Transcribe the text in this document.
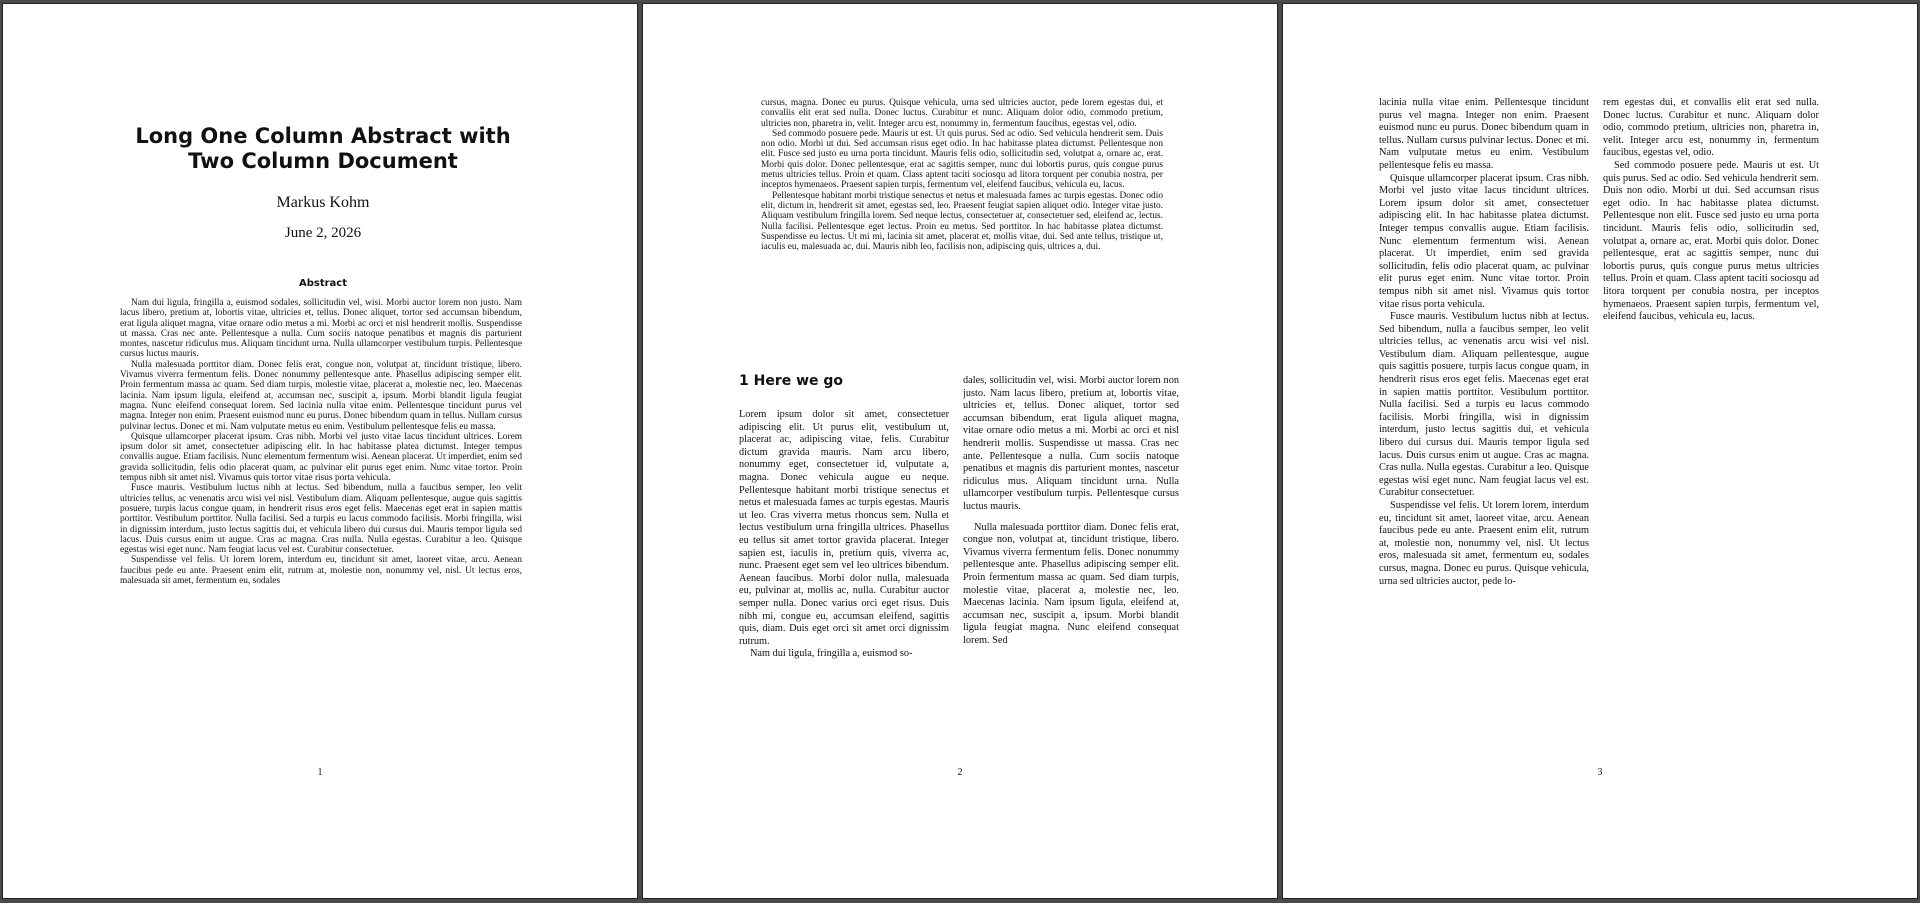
Long One Column Abstract with Two Column Document
Markus Kohm
June 2, 2026
Abstract

Nam dui ligula, fringilla a, euismod sodales, sollicitudin vel, wisi. Morbi auctor lorem non justo. Nam lacus libero, pretium at, lobortis vitae, ultricies et, tellus. Donec aliquet, tortor sed accumsan bibendum, erat ligula aliquet magna, vitae ornare odio metus a mi. Morbi ac orci et nisl hendrerit mollis. Suspendisse ut massa. Cras nec ante. Pellentesque a nulla. Cum sociis natoque penatibus et magnis dis parturient montes, nascetur ridiculus mus. Aliquam tincidunt urna. Nulla ullamcorper vestibulum turpis. Pellentesque cursus luctus mauris.

Nulla malesuada porttitor diam. Donec felis erat, congue non, volutpat at, tincidunt tristique, libero. Vivamus viverra fermentum felis. Donec nonummy pellentesque ante. Phasellus adipiscing semper elit. Proin fermentum massa ac quam. Sed diam turpis, molestie vitae, placerat a, molestie nec, leo. Maecenas lacinia. Nam ipsum ligula, eleifend at, accumsan nec, suscipit a, ipsum. Morbi blandit ligula feugiat magna. Nunc eleifend consequat lorem. Sed lacinia nulla vitae enim. Pellentesque tincidunt purus vel magna. Integer non enim. Praesent euismod nunc eu purus. Donec bibendum quam in tellus. Nullam cursus pulvinar lectus. Donec et mi. Nam vulputate metus eu enim. Vestibulum pellentesque felis eu massa.

Quisque ullamcorper placerat ipsum. Cras nibh. Morbi vel justo vitae lacus tincidunt ultrices. Lorem ipsum dolor sit amet, consectetuer adipiscing elit. In hac habitasse platea dictumst. Integer tempus convallis augue. Etiam facilisis. Nunc elementum fermentum wisi. Aenean placerat. Ut imperdiet, enim sed gravida sollicitudin, felis odio placerat quam, ac pulvinar elit purus eget enim. Nunc vitae tortor. Proin tempus nibh sit amet nisl. Vivamus quis tortor vitae risus porta vehicula.

Fusce mauris. Vestibulum luctus nibh at lectus. Sed bibendum, nulla a faucibus semper, leo velit ultricies tellus, ac venenatis arcu wisi vel nisl. Vestibulum diam. Aliquam pellentesque, augue quis sagittis posuere, turpis lacus congue quam, in hendrerit risus eros eget felis. Maecenas eget erat in sapien mattis porttitor. Vestibulum porttitor. Nulla facilisi. Sed a turpis eu lacus commodo facilisis. Morbi fringilla, wisi in dignissim interdum, justo lectus sagittis dui, et vehicula libero dui cursus dui. Mauris tempor ligula sed lacus. Duis cursus enim ut augue. Cras ac magna. Cras nulla. Nulla egestas. Curabitur a leo. Quisque egestas wisi eget nunc. Nam feugiat lacus vel est. Curabitur consectetuer.

Suspendisse vel felis. Ut lorem lorem, interdum eu, tincidunt sit amet, laoreet vitae, arcu. Aenean faucibus pede eu ante. Praesent enim elit, rutrum at, molestie non, nonummy vel, nisl. Ut lectus eros, malesuada sit amet, fermentum eu, sodales

1

cursus, magna. Donec eu purus. Quisque vehicula, urna sed ultricies auctor, pede lorem egestas dui, et convallis elit erat sed nulla. Donec luctus. Curabitur et nunc. Aliquam dolor odio, commodo pretium, ultricies non, pharetra in, velit. Integer arcu est, nonummy in, fermentum faucibus, egestas vel, odio.

Sed commodo posuere pede. Mauris ut est. Ut quis purus. Sed ac odio. Sed vehicula hendrerit sem. Duis non odio. Morbi ut dui. Sed accumsan risus eget odio. In hac habitasse platea dictumst. Pellentesque non elit. Fusce sed justo eu urna porta tincidunt. Mauris felis odio, sollicitudin sed, volutpat a, ornare ac, erat. Morbi quis dolor. Donec pellentesque, erat ac sagittis semper, nunc dui lobortis purus, quis congue purus metus ultricies tellus. Proin et quam. Class aptent taciti sociosqu ad litora torquent per conubia nostra, per inceptos hymenaeos. Praesent sapien turpis, fermentum vel, eleifend faucibus, vehicula eu, lacus.

Pellentesque habitant morbi tristique senectus et netus et malesuada fames ac turpis egestas. Donec odio elit, dictum in, hendrerit sit amet, egestas sed, leo. Praesent feugiat sapien aliquet odio. Integer vitae justo. Aliquam vestibulum fringilla lorem. Sed neque lectus, consectetuer at, consectetuer sed, eleifend ac, lectus. Nulla facilisi. Pellentesque eget lectus. Proin eu metus. Sed porttitor. In hac habitasse platea dictumst. Suspendisse eu lectus. Ut mi mi, lacinia sit amet, placerat et, mollis vitae, dui. Sed ante tellus, tristique ut, iaculis eu, malesuada ac, dui. Mauris nibh leo, facilisis non, adipiscing quis, ultrices a, dui.

1 Here we go

Lorem ipsum dolor sit amet, consectetuer adipiscing elit. Ut purus elit, vestibulum ut, placerat ac, adipiscing vitae, felis. Curabitur dictum gravida mauris. Nam arcu libero, nonummy eget, consectetuer id, vulputate a, magna. Donec vehicula augue eu neque. Pellentesque habitant morbi tristique senectus et netus et malesuada fames ac turpis egestas. Mauris ut leo. Cras viverra metus rhoncus sem. Nulla et lectus vestibulum urna fringilla ultrices. Phasellus eu tellus sit amet tortor gravida placerat. Integer sapien est, iaculis in, pretium quis, viverra ac, nunc. Praesent eget sem vel leo ultrices bibendum. Aenean faucibus. Morbi dolor nulla, malesuada eu, pulvinar at, mollis ac, nulla. Curabitur auctor semper nulla. Donec varius orci eget risus. Duis nibh mi, congue eu, accumsan eleifend, sagittis quis, diam. Duis eget orci sit amet orci dignissim rutrum.

Nam dui ligula, fringilla a, euismod so-

dales, sollicitudin vel, wisi. Morbi auctor lorem non justo. Nam lacus libero, pretium at, lobortis vitae, ultricies et, tellus. Donec aliquet, tortor sed accumsan bibendum, erat ligula aliquet magna, vitae ornare odio metus a mi. Morbi ac orci et nisl hendrerit mollis. Suspendisse ut massa. Cras nec ante. Pellentesque a nulla. Cum sociis natoque penatibus et magnis dis parturient montes, nascetur ridiculus mus. Aliquam tincidunt urna. Nulla ullamcorper vestibulum turpis. Pellentesque cursus luctus mauris.

Nulla malesuada porttitor diam. Donec felis erat, congue non, volutpat at, tincidunt tristique, libero. Vivamus viverra fermentum felis. Donec nonummy pellentesque ante. Phasellus adipiscing semper elit. Proin fermentum massa ac quam. Sed diam turpis, molestie vitae, placerat a, molestie nec, leo. Maecenas lacinia. Nam ipsum ligula, eleifend at, accumsan nec, suscipit a, ipsum. Morbi blandit ligula feugiat magna. Nunc eleifend consequat lorem. Sed

2

lacinia nulla vitae enim. Pellentesque tincidunt purus vel magna. Integer non enim. Praesent euismod nunc eu purus. Donec bibendum quam in tellus. Nullam cursus pulvinar lectus. Donec et mi. Nam vulputate metus eu enim. Vestibulum pellentesque felis eu massa.

Quisque ullamcorper placerat ipsum. Cras nibh. Morbi vel justo vitae lacus tincidunt ultrices. Lorem ipsum dolor sit amet, consectetuer adipiscing elit. In hac habitasse platea dictumst. Integer tempus convallis augue. Etiam facilisis. Nunc elementum fermentum wisi. Aenean placerat. Ut imperdiet, enim sed gravida sollicitudin, felis odio placerat quam, ac pulvinar elit purus eget enim. Nunc vitae tortor. Proin tempus nibh sit amet nisl. Vivamus quis tortor vitae risus porta vehicula.

Fusce mauris. Vestibulum luctus nibh at lectus. Sed bibendum, nulla a faucibus semper, leo velit ultricies tellus, ac venenatis arcu wisi vel nisl. Vestibulum diam. Aliquam pellentesque, augue quis sagittis posuere, turpis lacus congue quam, in hendrerit risus eros eget felis. Maecenas eget erat in sapien mattis porttitor. Vestibulum porttitor. Nulla facilisi. Sed a turpis eu lacus commodo facilisis. Morbi fringilla, wisi in dignissim interdum, justo lectus sagittis dui, et vehicula libero dui cursus dui. Mauris tempor ligula sed lacus. Duis cursus enim ut augue. Cras ac magna. Cras nulla. Nulla egestas. Curabitur a leo. Quisque egestas wisi eget nunc. Nam feugiat lacus vel est. Curabitur consectetuer.

Suspendisse vel felis. Ut lorem lorem, interdum eu, tincidunt sit amet, laoreet vitae, arcu. Aenean faucibus pede eu ante. Praesent enim elit, rutrum at, molestie non, nonummy vel, nisl. Ut lectus eros, malesuada sit amet, fermentum eu, sodales cursus, magna. Donec eu purus. Quisque vehicula, urna sed ultricies auctor, pede lo-

rem egestas dui, et convallis elit erat sed nulla. Donec luctus. Curabitur et nunc. Aliquam dolor odio, commodo pretium, ultricies non, pharetra in, velit. Integer arcu est, nonummy in, fermentum faucibus, egestas vel, odio.

Sed commodo posuere pede. Mauris ut est. Ut quis purus. Sed ac odio. Sed vehicula hendrerit sem. Duis non odio. Morbi ut dui. Sed accumsan risus eget odio. In hac habitasse platea dictumst. Pellentesque non elit. Fusce sed justo eu urna porta tincidunt. Mauris felis odio, sollicitudin sed, volutpat a, ornare ac, erat. Morbi quis dolor. Donec pellentesque, erat ac sagittis semper, nunc dui lobortis purus, quis congue purus metus ultricies tellus. Proin et quam. Class aptent taciti sociosqu ad litora torquent per conubia nostra, per inceptos hymenaeos. Praesent sapien turpis, fermentum vel, eleifend faucibus, vehicula eu, lacus.

3
